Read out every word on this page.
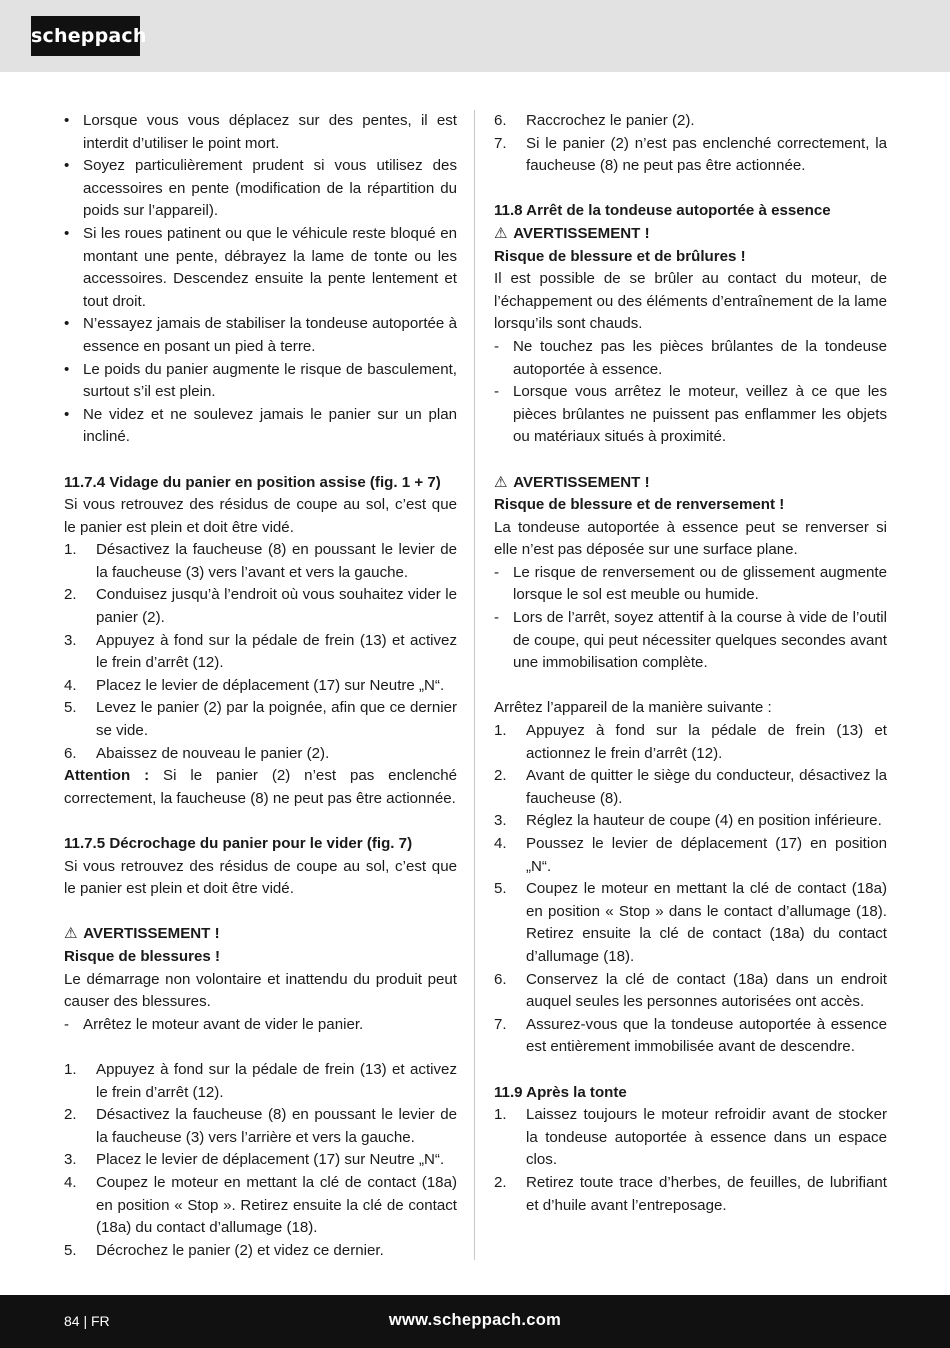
scheppach
• Lorsque vous vous déplacez sur des pentes, il est interdit d’utiliser le point mort.
• Soyez particulièrement prudent si vous utilisez des accessoires en pente (modification de la répartition du poids sur l’appareil).
• Si les roues patinent ou que le véhicule reste bloqué en montant une pente, débrayez la lame de tonte ou les accessoires. Descendez ensuite la pente lentement et tout droit.
• N’essayez jamais de stabiliser la tondeuse autoportée à essence en posant un pied à terre.
• Le poids du panier augmente le risque de basculement, surtout s’il est plein.
• Ne videz et ne soulevez jamais le panier sur un plan incliné.

11.7.4 Vidage du panier en position assise (fig. 1 + 7)

Si vous retrouvez des résidus de coupe au sol, c’est que le panier est plein et doit être vidé.

1. Désactivez la faucheuse (8) en poussant le levier de la faucheuse (3) vers l’avant et vers la gauche.
2. Conduisez jusqu’à l’endroit où vous souhaitez vider le panier (2).
3. Appuyez à fond sur la pédale de frein (13) et activez le frein d’arrêt (12).
4. Placez le levier de déplacement (17) sur Neutre „N“.
5. Levez le panier (2) par la poignée, afin que ce dernier se vide.
6. Abaissez de nouveau le panier (2).

Attention : Si le panier (2) n’est pas enclenché correctement, la faucheuse (8) ne peut pas être actionnée.

11.7.5 Décrochage du panier pour le vider (fig. 7)

Si vous retrouvez des résidus de coupe au sol, c’est que le panier est plein et doit être vidé.

⚠ AVERTISSEMENT !

Risque de blessures !

Le démarrage non volontaire et inattendu du produit peut causer des blessures.

- Arrêtez le moteur avant de vider le panier.
1. Appuyez à fond sur la pédale de frein (13) et activez le frein d’arrêt (12).
2. Désactivez la faucheuse (8) en poussant le levier de la faucheuse (3) vers l’arrière et vers la gauche.
3. Placez le levier de déplacement (17) sur Neutre „N“.
4. Coupez le moteur en mettant la clé de contact (18a) en position « Stop ». Retirez ensuite la clé de contact (18a) du contact d’allumage (18).
5. Décrochez le panier (2) et videz ce dernier.
6. Raccrochez le panier (2).
7. Si le panier (2) n’est pas enclenché correctement, la faucheuse (8) ne peut pas être actionnée.

11.8 Arrêt de la tondeuse autoportée à essence

⚠ AVERTISSEMENT !

Risque de blessure et de brûlures !

Il est possible de se brûler au contact du moteur, de l’échappement ou des éléments d’entraînement de la lame lorsqu’ils sont chauds.

- Ne touchez pas les pièces brûlantes de la tondeuse autoportée à essence.
- Lorsque vous arrêtez le moteur, veillez à ce que les pièces brûlantes ne puissent pas enflammer les objets ou matériaux situés à proximité.

⚠ AVERTISSEMENT !

Risque de blessure et de renversement !

La tondeuse autoportée à essence peut se renverser si elle n’est pas déposée sur une surface plane.

- Le risque de renversement ou de glissement augmente lorsque le sol est meuble ou humide.
- Lors de l’arrêt, soyez attentif à la course à vide de l’outil de coupe, qui peut nécessiter quelques secondes avant une immobilisation complète.

Arrêtez l’appareil de la manière suivante :

1. Appuyez à fond sur la pédale de frein (13) et actionnez le frein d’arrêt (12).
2. Avant de quitter le siège du conducteur, désactivez la faucheuse (8).
3. Réglez la hauteur de coupe (4) en position inférieure.
4. Poussez le levier de déplacement (17) en position „N“.
5. Coupez le moteur en mettant la clé de contact (18a) en position « Stop » dans le contact d’allumage (18). Retirez ensuite la clé de contact (18a) du contact d’allumage (18).
6. Conservez la clé de contact (18a) dans un endroit auquel seules les personnes autorisées ont accès.
7. Assurez-vous que la tondeuse autoportée à essence est entièrement immobilisée avant de descendre.

11.9 Après la tonte

1. Laissez toujours le moteur refroidir avant de stocker la tondeuse autoportée à essence dans un espace clos.
2. Retirez toute trace d’herbes, de feuilles, de lubrifiant et d’huile avant l’entreposage.
84 | FR	www.scheppach.com
